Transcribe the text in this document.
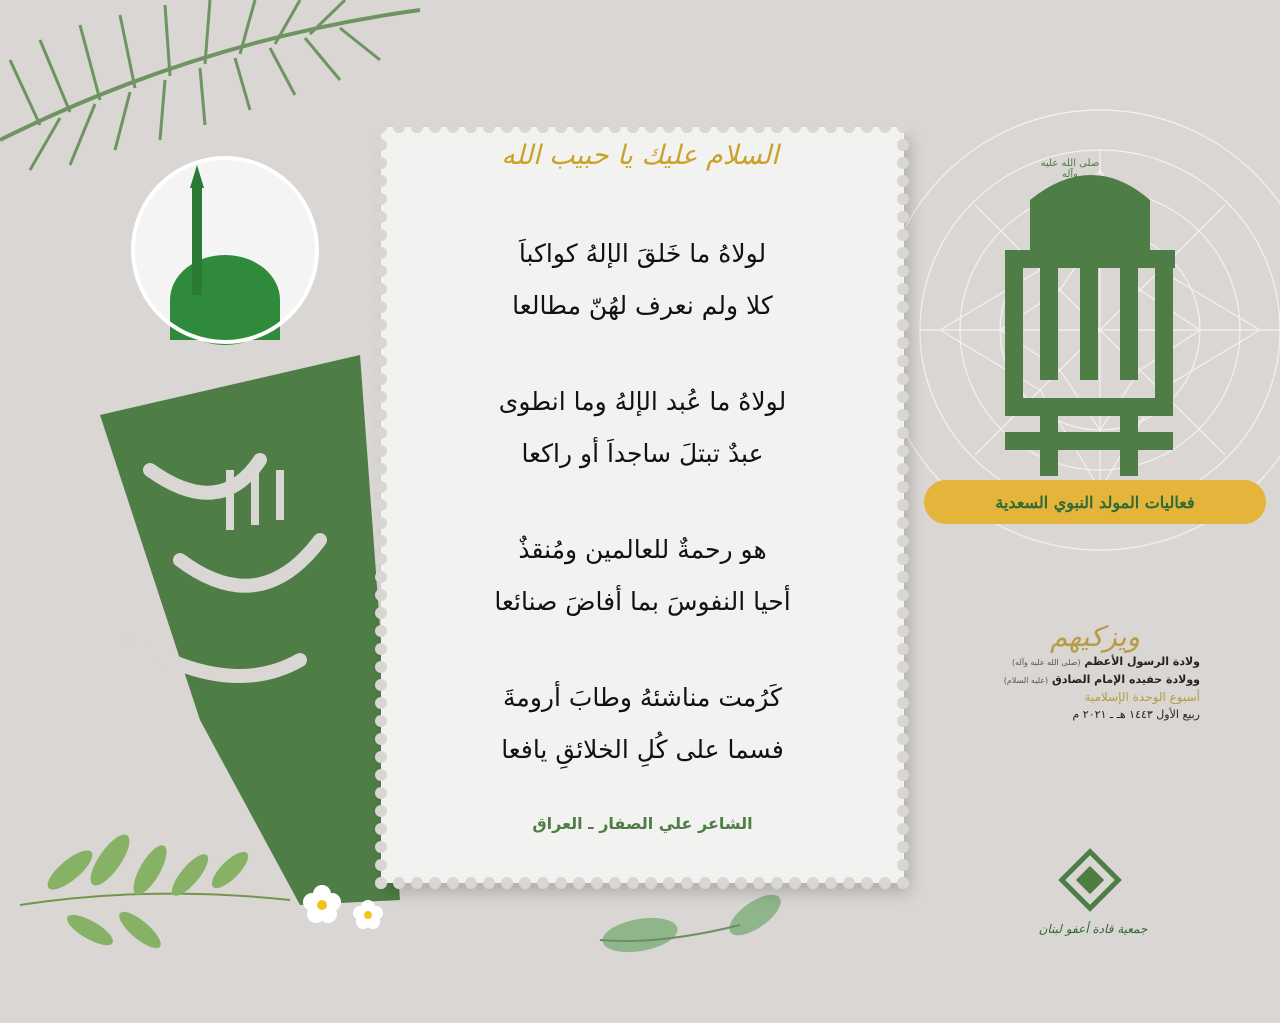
السلام عليك يا حبيب الله
لولاهُ ما خَلقَ الإلهُ كواكباَ
كلا ولم نعرف لهُنّ مطالعا
لولاهُ ما عُبد الإلهُ وما انطوى
عبدٌ تبتلَ ساجداَ أو راكعا
هو رحمةٌ للعالمين ومُنقذٌ
أحيا النفوسَ بما أفاضَ صنائعا
كَرُمت مناشئهُ وطابَ أرومةَ
فسما على كُلِ الخلائقِ يافعا
الشاعر علي الصفار ـ العراق
صلى الله عليه وآله
فعاليات المولد النبوي السعدية
ويزكيهم
ولادة الرسول الأعظم (صلى الله عليه وآله)
وولادة حفيده الإمام الصادق (عليه السلام)
أسبوع الوحدة الإسلامية
ربيع الأول ١٤٤٣ هـ ـ ٢٠٢١ م
جمعية قادة أعفو لبنان
